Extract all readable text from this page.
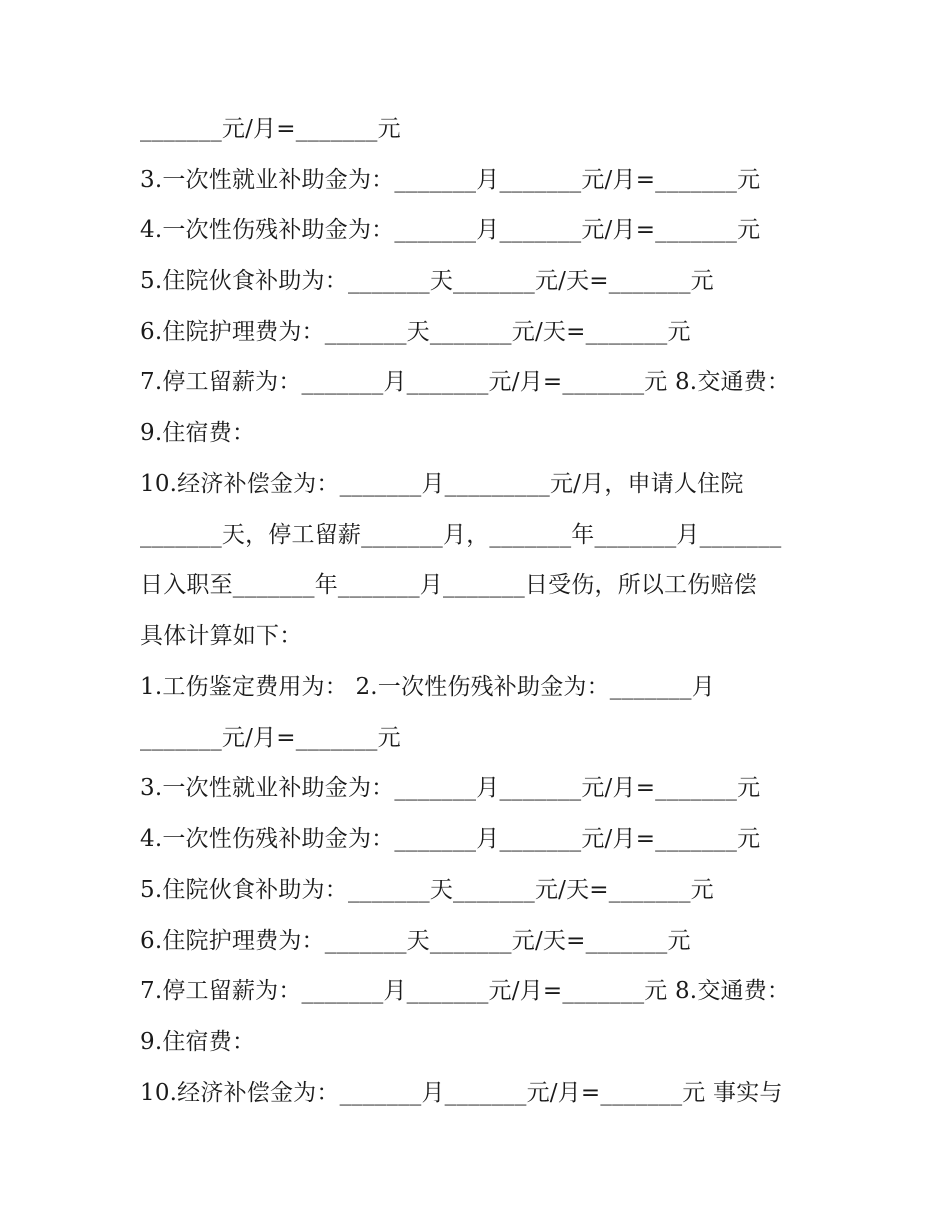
_______元/月=_______元
3.一次性就业补助金为：_______月_______元/月=_______元
4.一次性伤残补助金为：_______月_______元/月=_______元
5.住院伙食补助为：_______天_______元/天=_______元
6.住院护理费为：_______天_______元/天=_______元
7.停工留薪为：_______月_______元/月=_______元 8.交通费：
9.住宿费：
10.经济补偿金为：_______月_________元/月，申请人住院
_______天，停工留薪_______月，_______年_______月_______
日入职至_______年_______月_______日受伤，所以工伤赔偿
具体计算如下：
1.工伤鉴定费用为： 2.一次性伤残补助金为：_______月
_______元/月=_______元
3.一次性就业补助金为：_______月_______元/月=_______元
4.一次性伤残补助金为：_______月_______元/月=_______元
5.住院伙食补助为：_______天_______元/天=_______元
6.住院护理费为：_______天_______元/天=_______元
7.停工留薪为：_______月_______元/月=_______元 8.交通费：
9.住宿费：
10.经济补偿金为：_______月_______元/月=_______元 事实与
